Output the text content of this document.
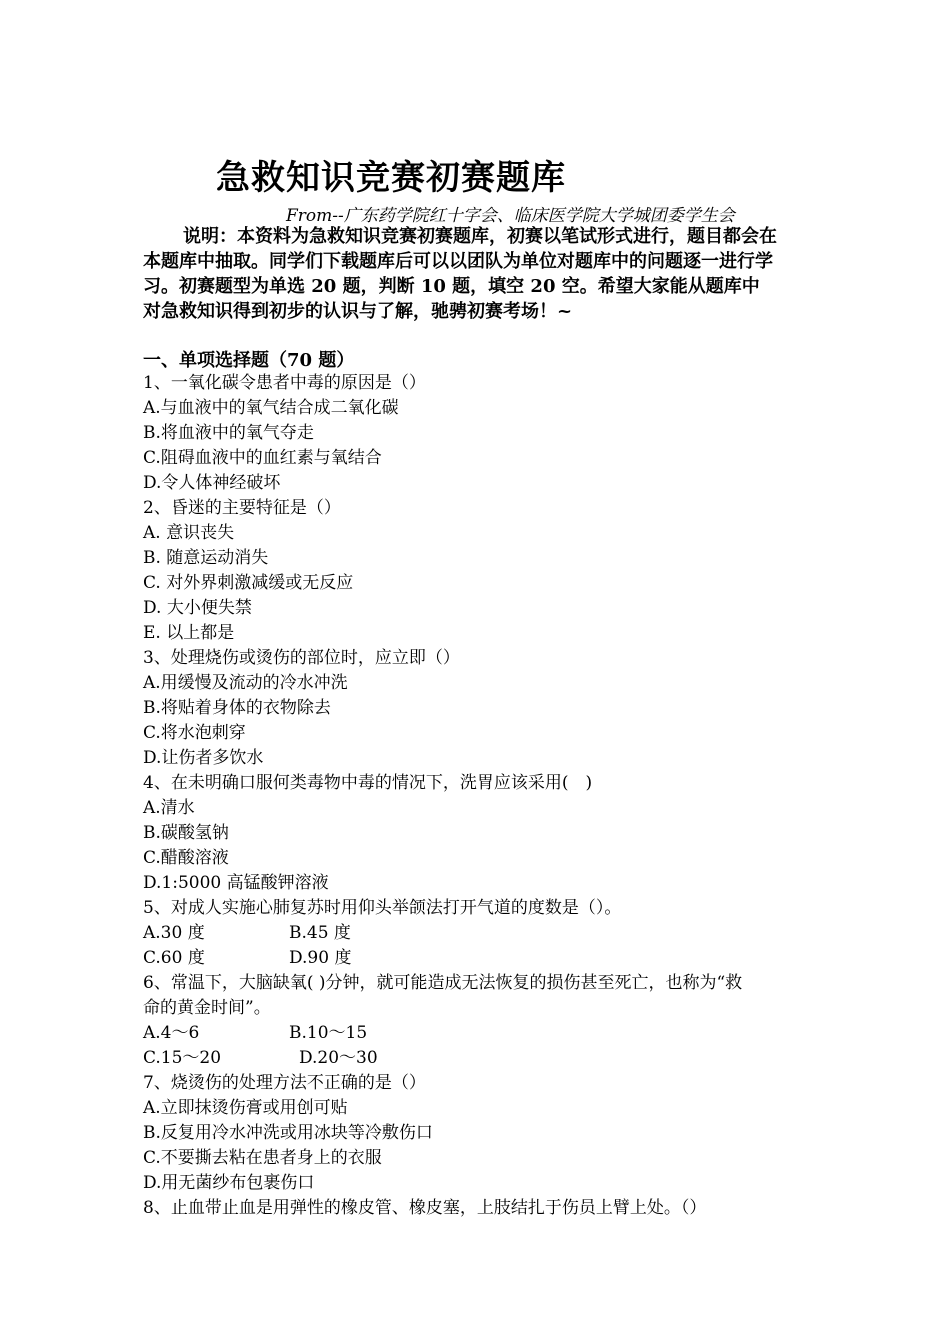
急救知识竞赛初赛题库
From--广东药学院红十字会、临床医学院大学城团委学生会
说明：本资料为急救知识竞赛初赛题库，初赛以笔试形式进行，题目都会在
本题库中抽取。同学们下载题库后可以以团队为单位对题库中的问题逐一进行学
习。初赛题型为单选 20 题，判断 10 题，填空 20 空。希望大家能从题库中
对急救知识得到初步的认识与了解，驰骋初赛考场！~
一、单项选择题（70 题）
1、一氧化碳令患者中毒的原因是（）
A.与血液中的氧气结合成二氧化碳
B.将血液中的氧气夺走
C.阻碍血液中的血红素与氧结合
D.令人体神经破坏
2、昏迷的主要特征是（）
A. 意识丧失
B. 随意运动消失
C. 对外界刺激减缓或无反应
D. 大小便失禁
E. 以上都是
3、处理烧伤或烫伤的部位时，应立即（）
A.用缓慢及流动的冷水冲洗
B.将贴着身体的衣物除去
C.将水泡刺穿
D.让伤者多饮水
4、在未明确口服何类毒物中毒的情况下，洗胃应该采用(　)
A.清水
B.碳酸氢钠
C.醋酸溶液
D.1:5000 高锰酸钾溶液
5、对成人实施心肺复苏时用仰头举颌法打开气道的度数是（）。
A.30 度	B.45 度
C.60 度	D.90 度
6、常温下，大脑缺氧( )分钟，就可能造成无法恢复的损伤甚至死亡，也称为“救
命的黄金时间”。
A.4～6	B.10～15
C.15～20	D.20～30
7、烧烫伤的处理方法不正确的是（）
A.立即抹烫伤膏或用创可贴
B.反复用冷水冲洗或用冰块等冷敷伤口
C.不要撕去粘在患者身上的衣服
D.用无菌纱布包裹伤口
8、止血带止血是用弹性的橡皮管、橡皮塞，上肢结扎于伤员上臂上处。（）
